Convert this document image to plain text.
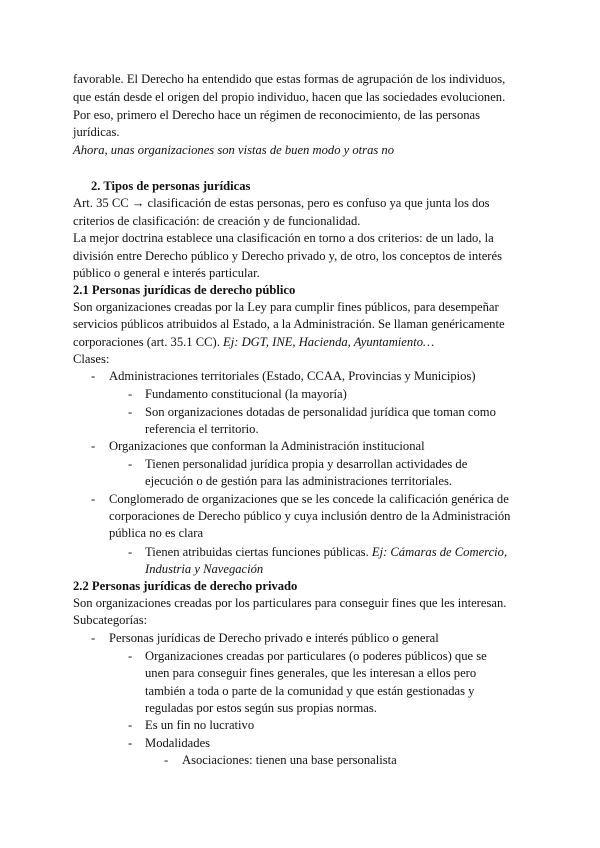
favorable. El Derecho ha entendido que estas formas de agrupación de los individuos,
que están desde el origen del propio individuo, hacen que las sociedades evolucionen.
Por eso, primero el Derecho hace un régimen de reconocimiento, de las personas
jurídicas.
Ahora, unas organizaciones son vistas de buen modo y otras no
2. Tipos de personas jurídicas
Art. 35 CC → clasificación de estas personas, pero es confuso ya que junta los dos
criterios de clasificación: de creación y de funcionalidad.
La mejor doctrina establece una clasificación en torno a dos criterios: de un lado, la
división entre Derecho público y Derecho privado y, de otro, los conceptos de interés
público o general e interés particular.
2.1 Personas jurídicas de derecho público
Son organizaciones creadas por la Ley para cumplir fines públicos, para desempeñar
servicios públicos atribuidos al Estado, a la Administración. Se llaman genéricamente
corporaciones (art. 35.1 CC). Ej: DGT, INE, Hacienda, Ayuntamiento…
Clases:
- Administraciones territoriales (Estado, CCAA, Provincias y Municipios)
- Fundamento constitucional (la mayoría)
- Son organizaciones dotadas de personalidad jurídica que toman como
referencia el territorio.
- Organizaciones que conforman la Administración institucional
- Tienen personalidad jurídica propia y desarrollan actividades de
ejecución o de gestión para las administraciones territoriales.
- Conglomerado de organizaciones que se les concede la calificación genérica de
corporaciones de Derecho público y cuya inclusión dentro de la Administración
pública no es clara
- Tienen atribuidas ciertas funciones públicas. Ej: Cámaras de Comercio,
Industria y Navegación
2.2 Personas jurídicas de derecho privado
Son organizaciones creadas por los particulares para conseguir fines que les interesan.
Subcategorías:
- Personas jurídicas de Derecho privado e interés público o general
- Organizaciones creadas por particulares (o poderes públicos) que se
unen para conseguir fines generales, que les interesan a ellos pero
también a toda o parte de la comunidad y que están gestionadas y
reguladas por estos según sus propias normas.
- Es un fin no lucrativo
- Modalidades
- Asociaciones: tienen una base personalista
